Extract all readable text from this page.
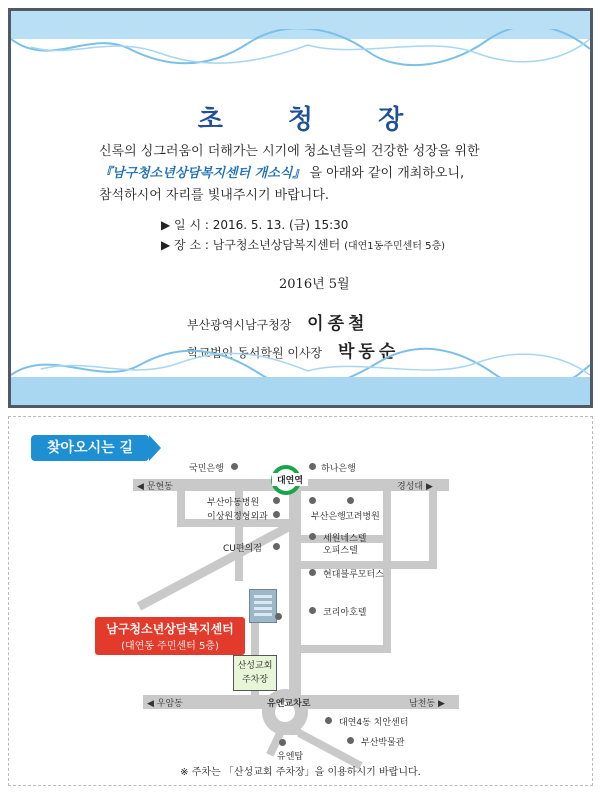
초 청 장
신록의 싱그러움이 더해가는 시기에 청소년들의 건강한 성장을 위한
『남구청소년상담복지센터 개소식』 을 아래와 같이 개최하오니,
참석하시어 자리를 빛내주시기 바랍니다.
▶ 일 시 : 2016. 5. 13. (금) 15:30
▶ 장 소 : 남구청소년상담복지센터 (대연1동주민센터 5층)
2016년 5월
부산광역시남구청장 이종철
학교법인 동서학원 이사장 박동순
찾아오시는 길
◀ 문현동	경성대 ▶
◀ 우암동	남천동 ▶
유엔교차로
대연역
국민은행	하나은행
부산아동병원
이상원정형외과	부산은행 고려병원
CU편의점
세원네스텔
오피스텔
현대블루모터스
코리아호텔
남구청소년상담복지센터
(대연동 주민센터 5층)
산성교회
주차장
대연4동 치안센터
부산박물관
유엔탑
※ 주차는 「산성교회 주차장」을 이용하시기 바랍니다.
